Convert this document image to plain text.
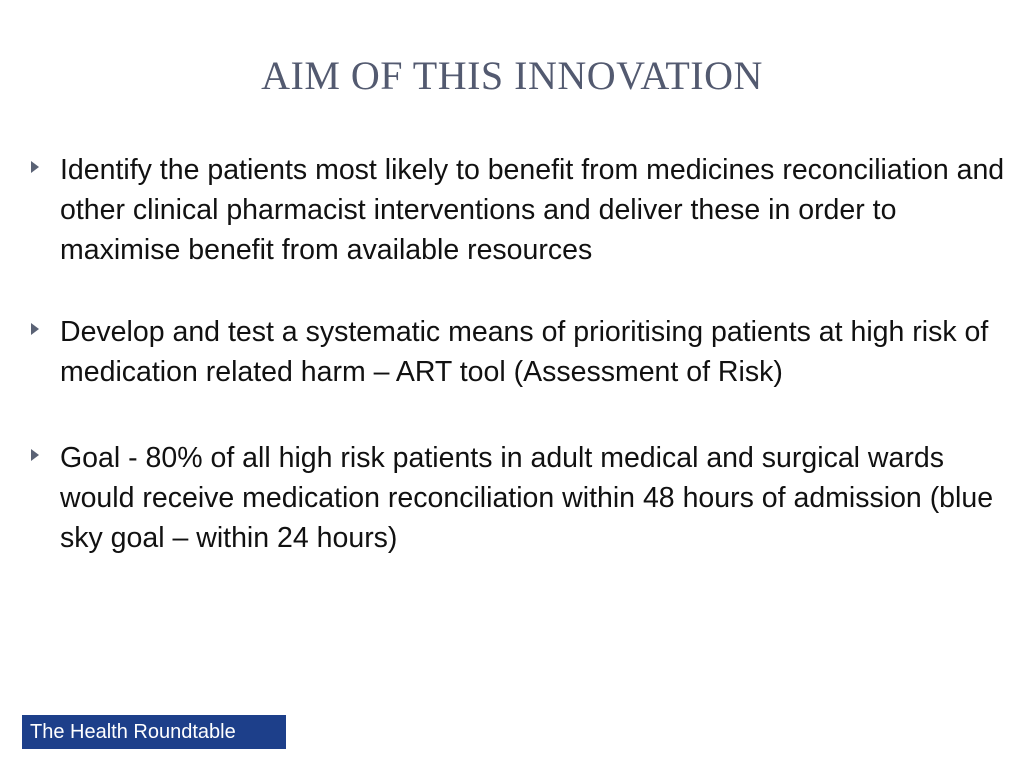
AIM OF THIS INNOVATION
Identify the patients most likely to benefit from medicines reconciliation and other clinical pharmacist interventions and deliver these in order to maximise benefit from available resources
Develop and test a systematic means of prioritising patients at high risk of medication related harm – ART tool (Assessment of Risk)
Goal - 80% of all high risk patients in adult medical and surgical wards would receive medication reconciliation within 48 hours of admission (blue sky goal – within 24 hours)
The Health Roundtable
